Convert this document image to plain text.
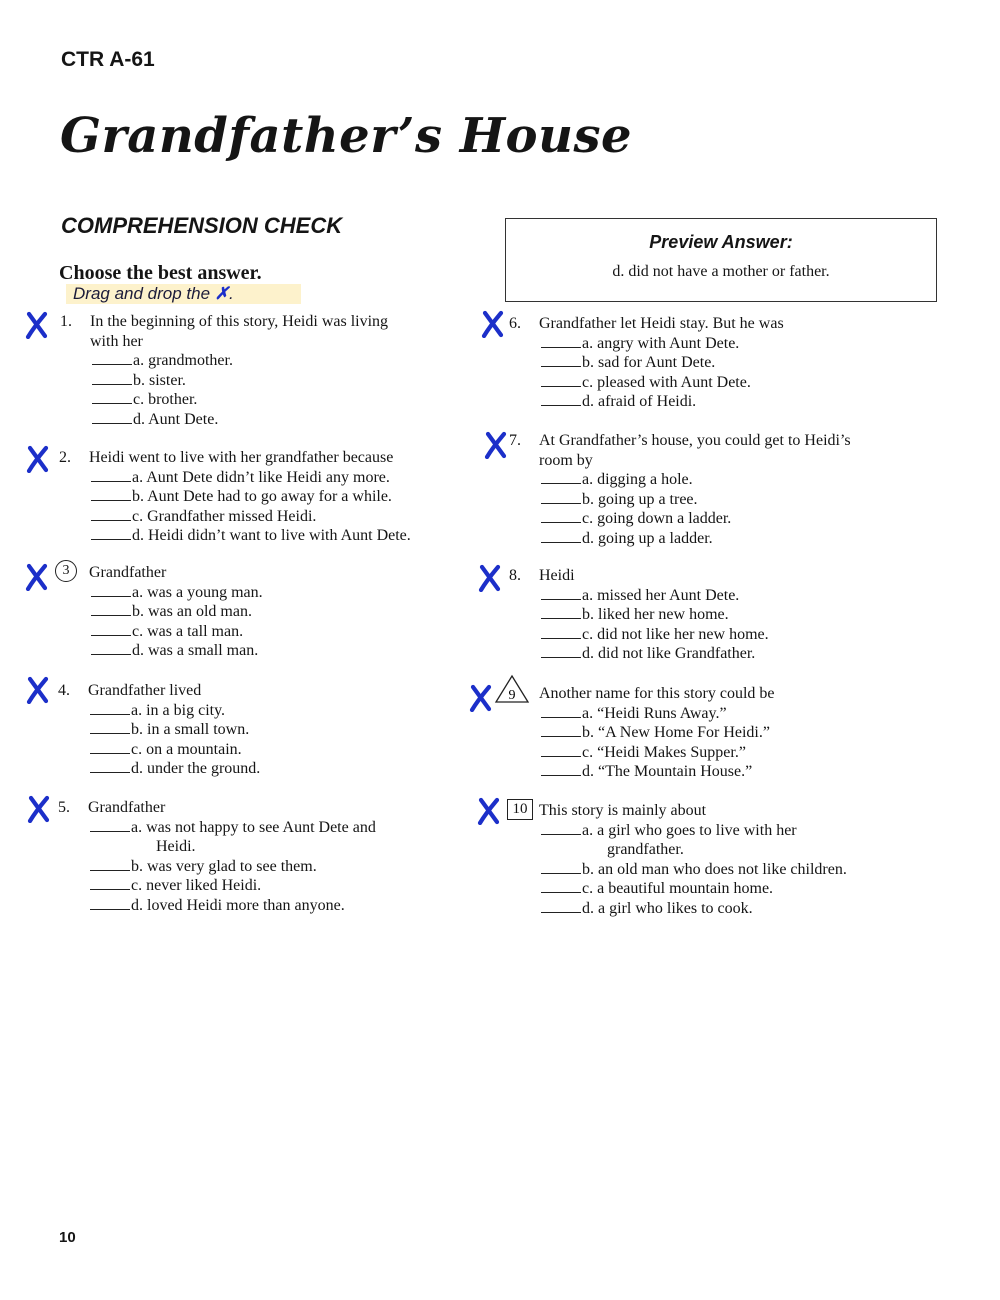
CTR A-61
Grandfather’s House
COMPREHENSION CHECK
Choose the best answer.
Drag and drop the ✗.
Preview Answer:
d. did not have a mother or father.
1. In the beginning of this story, Heidi was living
with her
a. grandmother.
b. sister.
c. brother.
d. Aunt Dete.
2. Heidi went to live with her grandfather because
a. Aunt Dete didn’t like Heidi any more.
b. Aunt Dete had to go away for a while.
c. Grandfather missed Heidi.
d. Heidi didn’t want to live with Aunt Dete.
3	Grandfather
a. was a young man.
b. was an old man.
c. was a tall man.
d. was a small man.
4. Grandfather lived
a. in a big city.
b. in a small town.
c. on a mountain.
d. under the ground.
5. Grandfather
a. was not happy to see Aunt Dete and
Heidi.
b. was very glad to see them.
c. never liked Heidi.
d. loved Heidi more than anyone.
6. Grandfather let Heidi stay. But he was
a. angry with Aunt Dete.
b. sad for Aunt Dete.
c. pleased with Aunt Dete.
d. afraid of Heidi.
7. At Grandfather’s house, you could get to Heidi’s
room by
a. digging a hole.
b. going up a tree.
c. going down a ladder.
d. going up a ladder.
8. Heidi
a. missed her Aunt Dete.
b. liked her new home.
c. did not like her new home.
d. did not like Grandfather.
9 Another name for this story could be
a. “Heidi Runs Away.”
b. “A New Home For Heidi.”
c. “Heidi Makes Supper.”
d. “The Mountain House.”
10 This story is mainly about
a. a girl who goes to live with her
grandfather.
b. an old man who does not like children.
c. a beautiful mountain home.
d. a girl who likes to cook.
10
